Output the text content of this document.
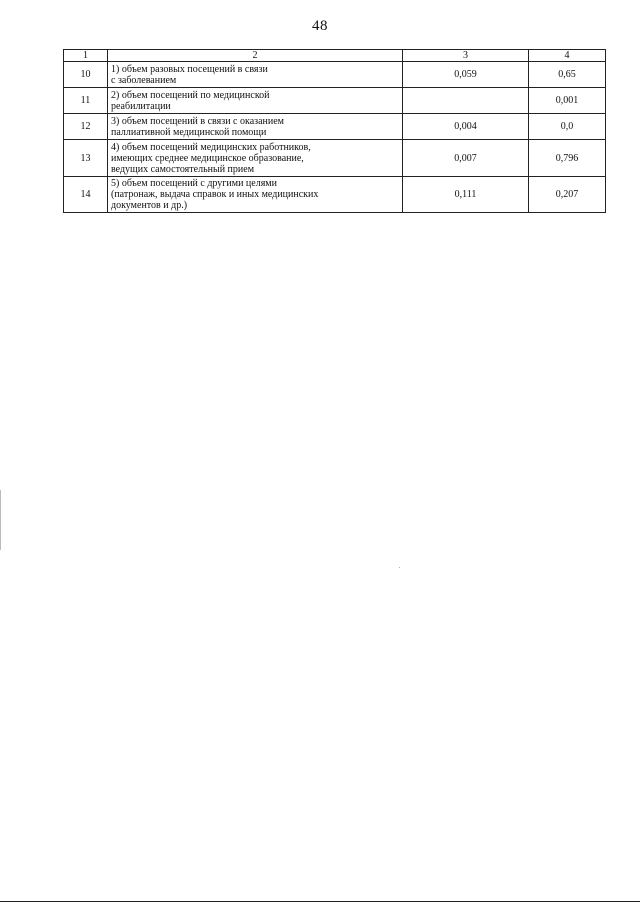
48
1	2	3	4
10	1) объем разовых посещений в связи
с заболеванием	0,059	0,65
11	2) объем посещений по медицинской
реабилитации		0,001
12	3) объем посещений в связи с оказанием
паллиативной медицинской помощи	0,004	0,0
13	4) объем посещений медицинских работников,
имеющих среднее медицинское образование,
ведущих самостоятельный прием	0,007	0,796
14	5) объем посещений с другими целями
(патронаж, выдача справок и иных медицинских
документов и др.)	0,111	0,207
